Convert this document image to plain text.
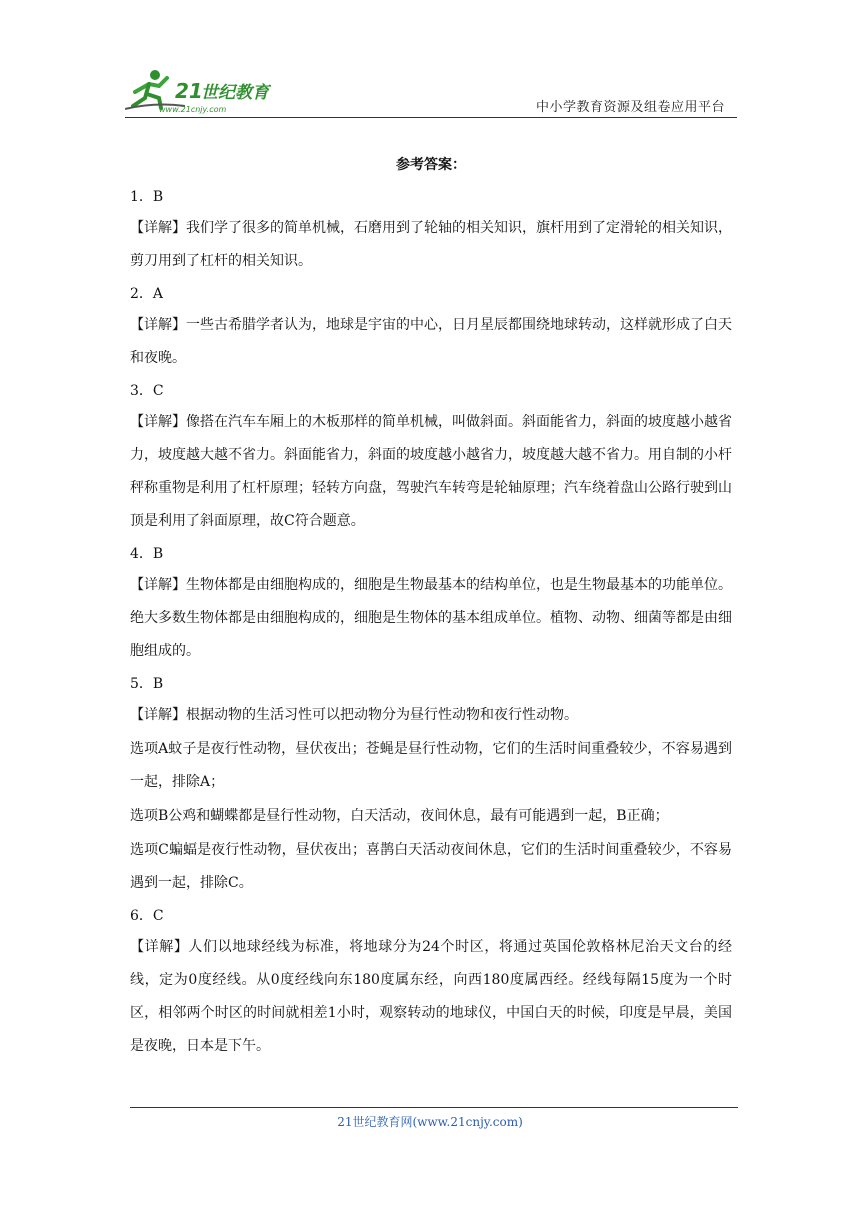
21
世纪教育
www.21cnjy.com	中小学教育资源及组卷应用平台
参考答案：

1．B

【详解】我们学了很多的简单机械，石磨用到了轮轴的相关知识，旗杆用到了定滑轮的相关知识，剪刀用到了杠杆的相关知识。

2．A

【详解】一些古希腊学者认为，地球是宇宙的中心，日月星辰都围绕地球转动，这样就形成了白天和夜晚。

3．C

【详解】像搭在汽车车厢上的木板那样的简单机械，叫做斜面。斜面能省力，斜面的坡度越小越省力，坡度越大越不省力。斜面能省力，斜面的坡度越小越省力，坡度越大越不省力。用自制的小杆秤称重物是利用了杠杆原理；轻转方向盘，驾驶汽车转弯是轮轴原理；汽车绕着盘山公路行驶到山顶是利用了斜面原理，故C符合题意。

4．B

【详解】生物体都是由细胞构成的，细胞是生物最基本的结构单位，也是生物最基本的功能单位。绝大多数生物体都是由细胞构成的，细胞是生物体的基本组成单位。植物、动物、细菌等都是由细胞组成的。

5．B

【详解】根据动物的生活习性可以把动物分为昼行性动物和夜行性动物。

选项A蚊子是夜行性动物，昼伏夜出；苍蝇是昼行性动物，它们的生活时间重叠较少，不容易遇到一起，排除A；

选项B公鸡和蝴蝶都是昼行性动物，白天活动，夜间休息，最有可能遇到一起，B正确；

选项C蝙蝠是夜行性动物，昼伏夜出；喜鹊白天活动夜间休息，它们的生活时间重叠较少，不容易遇到一起，排除C。

6．C

【详解】人们以地球经线为标准，将地球分为24个时区，将通过英国伦敦格林尼治天文台的经线，定为0度经线。从0度经线向东180度属东经，向西180度属西经。经线每隔15度为一个时区，相邻两个时区的时间就相差1小时，观察转动的地球仪，中国白天的时候，印度是早晨，美国是夜晚，日本是下午。

21世纪教育网(www.21cnjy.com)
